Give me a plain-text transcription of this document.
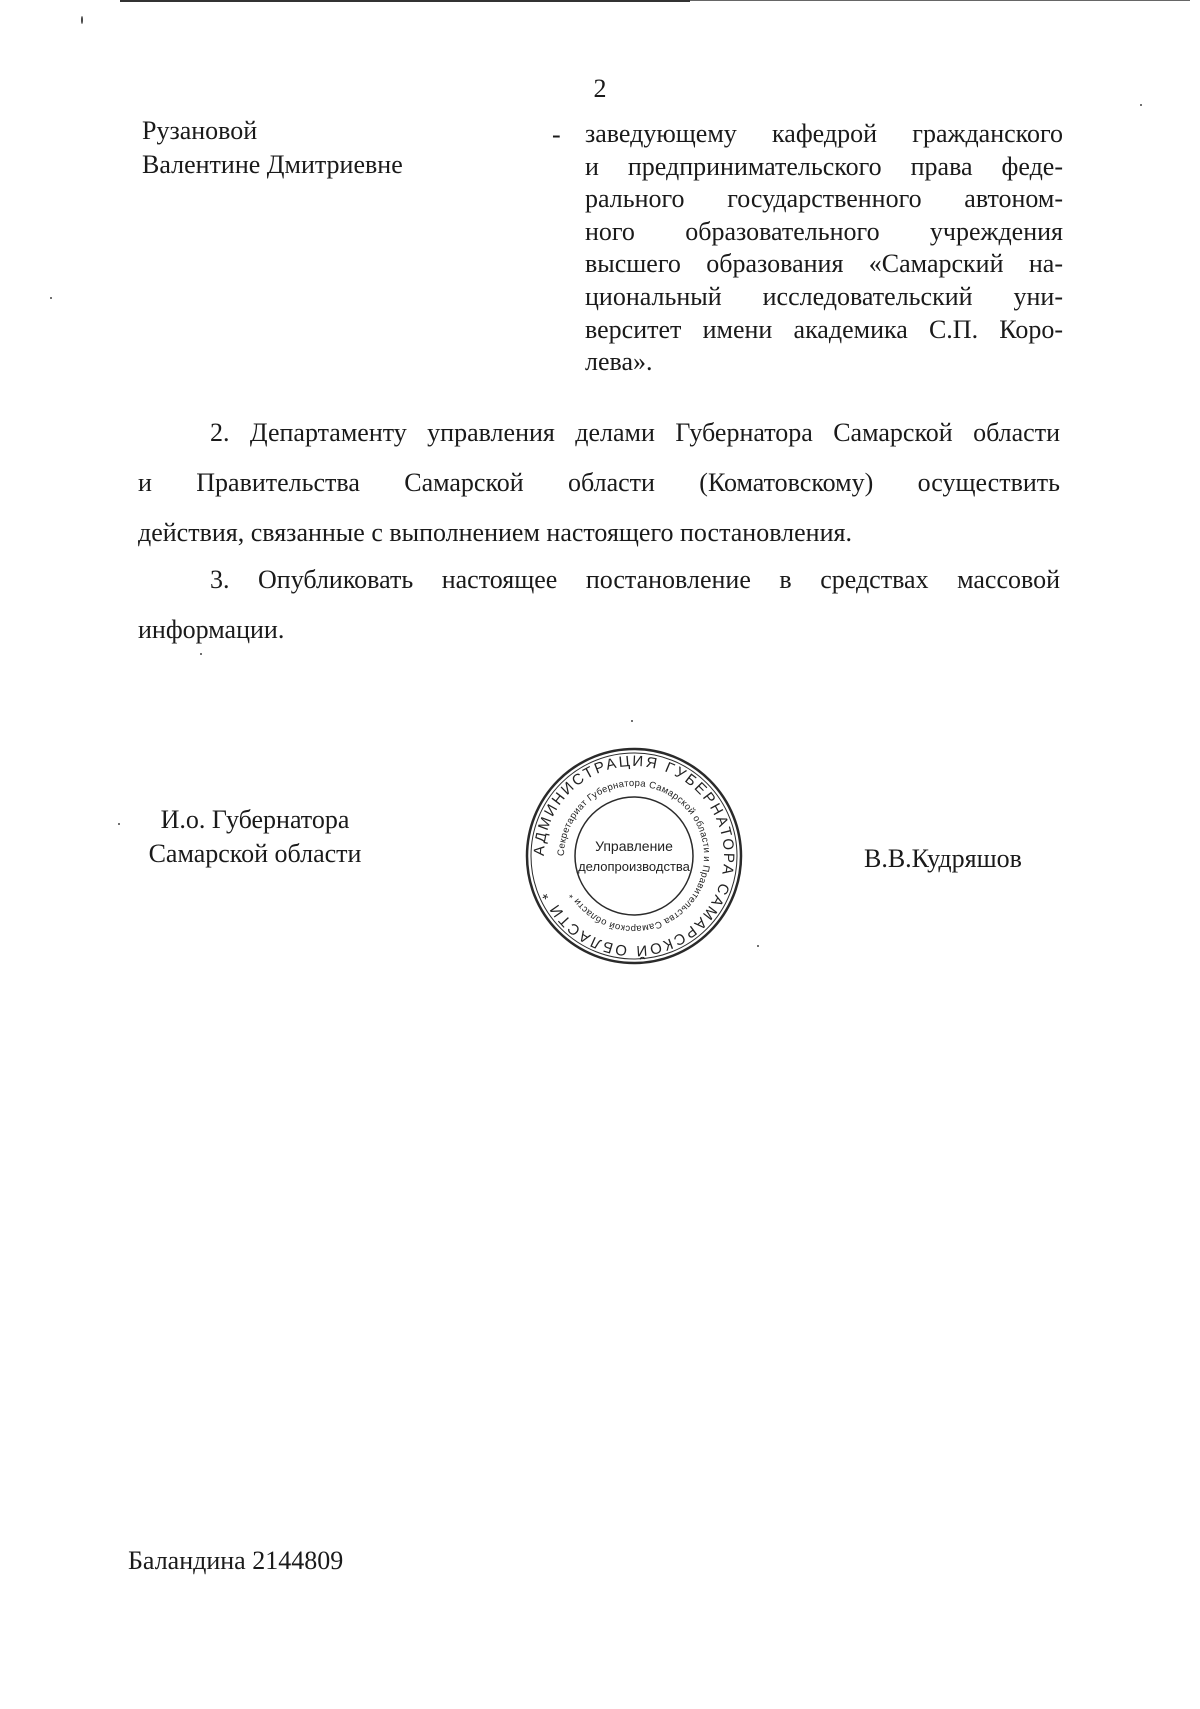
2
Рузановой
Валентине Дмитриевне
- заведующему кафедрой гражданского
и предпринимательского права феде-
рального государственного автоном-
ного образовательного учреждения
высшего образования «Самарский на-
циональный исследовательский уни-
верситет имени академика С.П. Коро-
лева».
2. Департаменту управления делами Губернатора Самарской области
и Правительства Самарской области (Коматовскому) осуществить
действия, связанные с выполнением настоящего постановления.
3. Опубликовать настоящее постановление в средствах массовой
информации.
И.о. Губернатора
Самарской области	АДМИНИСТРАЦИЯ ГУБЕРНАТОРА САМАРСКОЙ ОБЛАСТИ *
Секретариат Губернатора Самарской области и Правительства Самарской области *
Управление
делопроизводства	В.В.Кудряшов
Баландина 2144809
